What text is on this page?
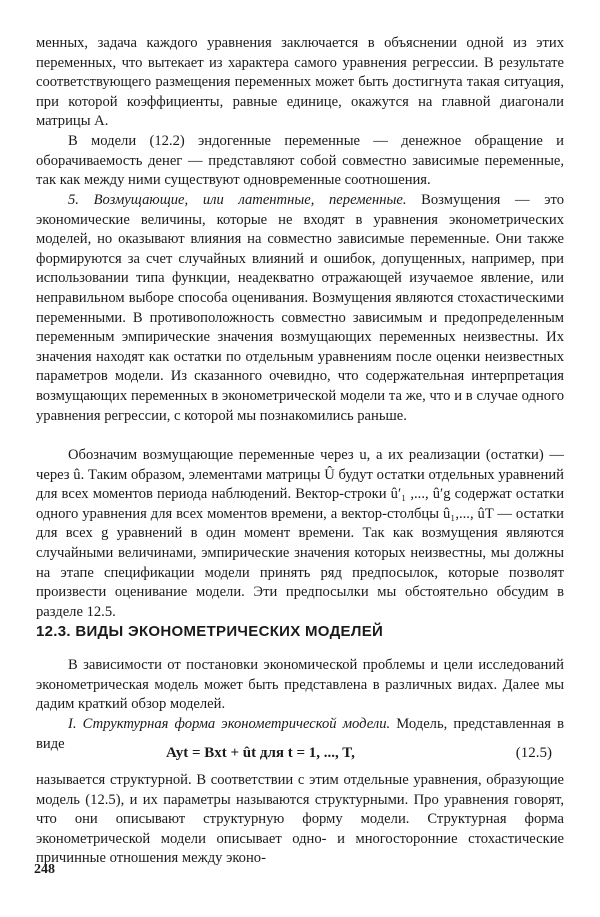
менных, задача каждого уравнения заключается в объяснении одной из этих переменных, что вытекает из характера самого уравнения регрессии. В результате соответствующего размещения переменных может быть достигнута такая ситуация, при которой коэффициенты, равные единице, окажутся на главной диагонали матрицы A.

В модели (12.2) эндогенные переменные — денежное обращение и оборачиваемость денег — представляют собой совместно зависимые переменные, так как между ними существуют одновременные соотношения.

5. Возмущающие, или латентные, переменные. Возмущения — это экономические величины, которые не входят в уравнения эконометрических моделей, но оказывают влияния на совместно зависимые переменные. Они также формируются за счет случайных влияний и ошибок, допущенных, например, при использовании типа функции, неадекватно отражающей изучаемое явление, или неправильном выборе способа оценивания. Возмущения являются стохастическими переменными. В противоположность совместно зависимым и предопределенным переменным эмпирические значения возмущающих переменных неизвестны. Их значения находят как остатки по отдельным уравнениям после оценки неизвестных параметров модели. Из сказанного очевидно, что содержательная интерпретация возмущающих переменных в эконометрической модели та же, что и в случае одного уравнения регрессии, с которой мы познакомились раньше.

Обозначим возмущающие переменные через u, а их реализации (остатки) — через û. Таким образом, элементами матрицы Û будут остатки отдельных уравнений для всех моментов периода наблюдений. Вектор-строки û′₁ ,..., û′g содержат остатки одного уравнения для всех моментов времени, а вектор-столбцы û₁,..., ûT — остатки для всех g уравнений в один момент времени. Так как возмущения являются случайными величинами, эмпирические значения которых неизвестны, мы должны на этапе спецификации модели принять ряд предпосылок, которые позволят произвести оценивание модели. Эти предпосылки мы обстоятельно обсудим в разделе 12.5.

12.3. ВИДЫ ЭКОНОМЕТРИЧЕСКИХ МОДЕЛЕЙ

В зависимости от постановки экономической проблемы и цели исследований эконометрическая модель может быть представлена в различных видах. Далее мы дадим краткий обзор моделей.

I. Структурная форма эконометрической модели. Модель, представленная в виде

Ayt = Bxt + ût для t = 1, ..., T,	(12.5)

называется структурной. В соответствии с этим отдельные уравнения, образующие модель (12.5), и их параметры называются структурными. Про уравнения говорят, что они описывают структурную форму модели. Структурная форма эконометрической модели описывает одно- и многосторонние стохастические причинные отношения между эконо-

248
